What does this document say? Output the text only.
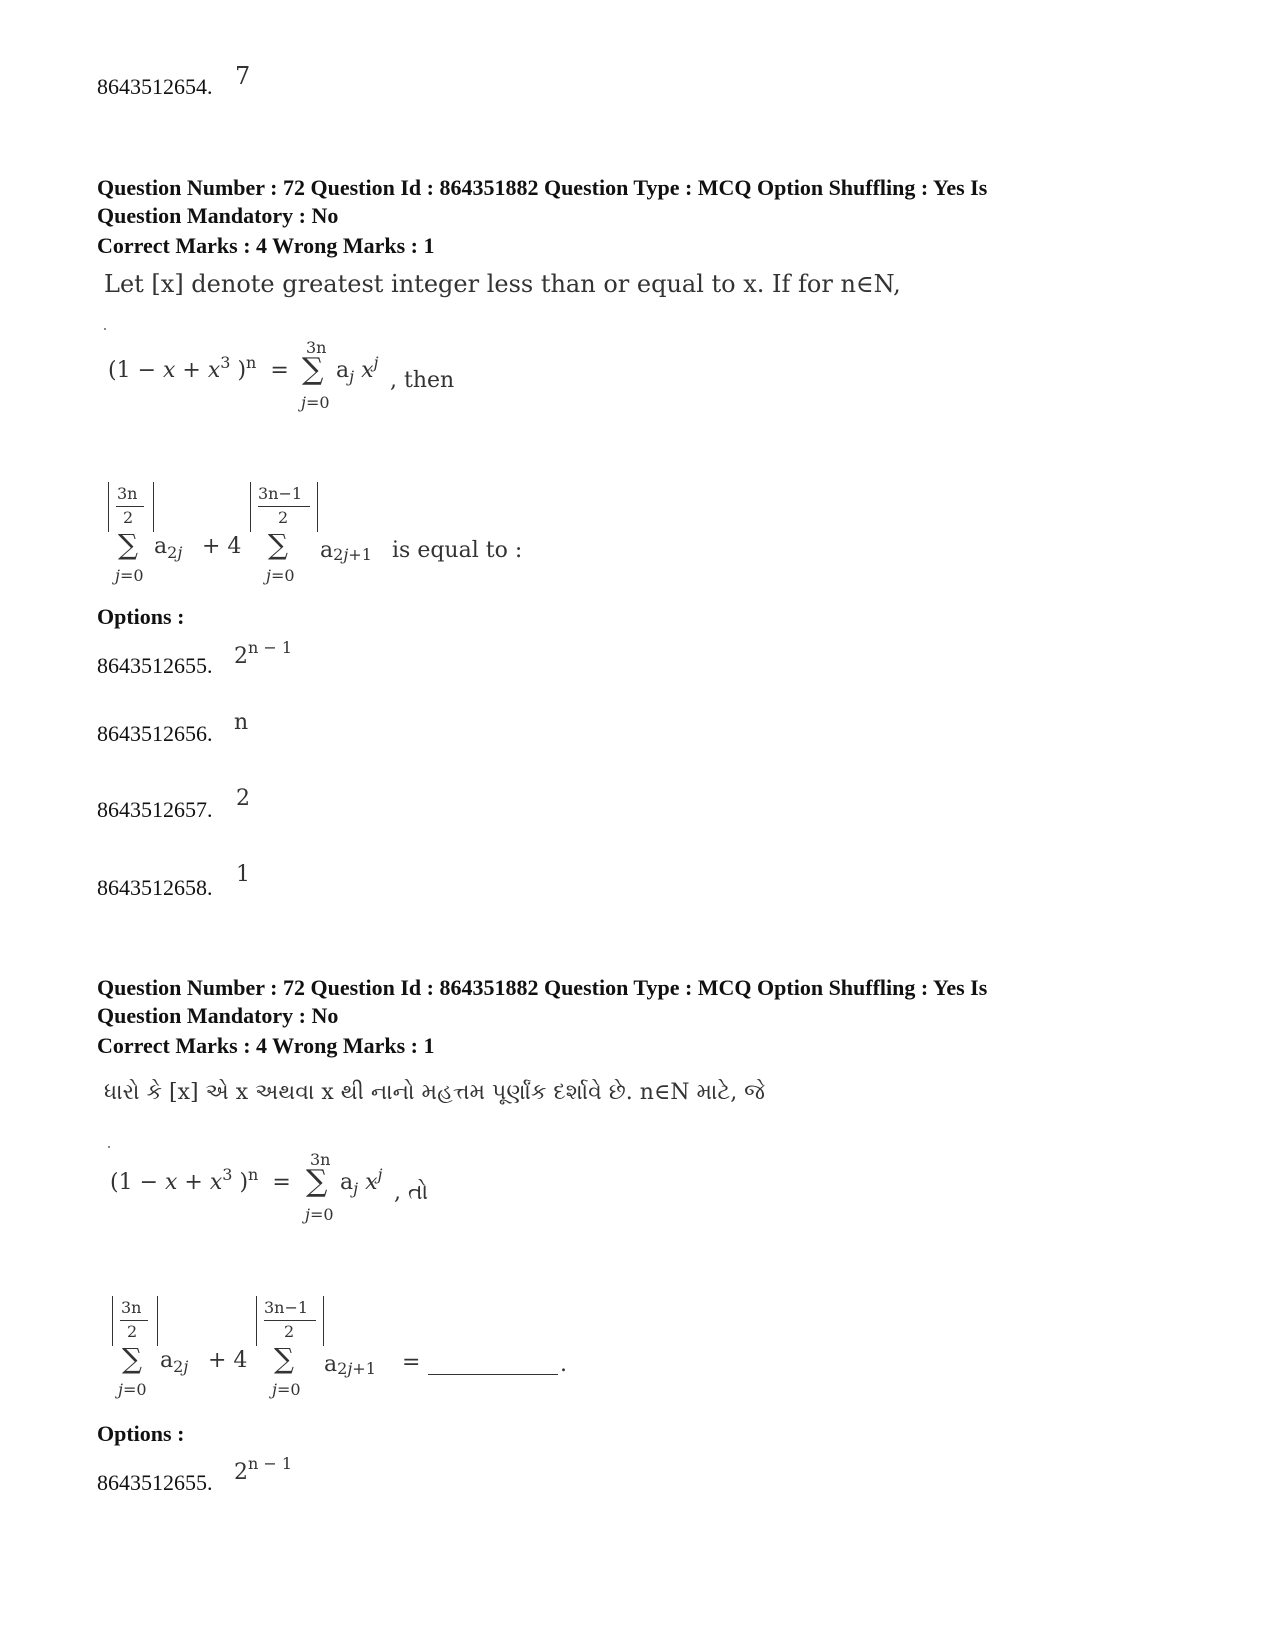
8643512654. 7
Question Number : 72 Question Id : 864351882 Question Type : MCQ Option Shuffling : Yes Is
Question Mandatory : No
Correct Marks : 4 Wrong Marks : 1
Let [x] denote greatest integer less than or equal to x. If for n∈N,
($1 - x + x^3$ )$^n$  =
3n
∑ $a_j$ $x^j$
j=0
, then
3n
2
∑ $a_{2j}$
j=0
+ 4
3n−1
2
∑
j=0
a2j+1 is equal to :
Options :
8643512655. $2^{n - 1}$
8643512656. n
8643512657. 2
8643512658.
1
Question Number : 72 Question Id : 864351882 Question Type : MCQ Option Shuffling : Yes Is
Question Mandatory : No
Correct Marks : 4 Wrong Marks : 1
ધારો કે [x] એ x અથવા x થી નાનો મહત્તમ પૂર્ણાંક દર્શાવે છે. n∈N માટે, જે
($1 - x + x^3$ )$^n$  =
3n
∑ $a_j$ $x^j$
j=0
, તો
3n
2
∑ $a_{2j} + 4$
j=0
3n−1
2
∑
j=0
a2j+1 =	.
Options :
8643512655. $2^{n - 1}$
